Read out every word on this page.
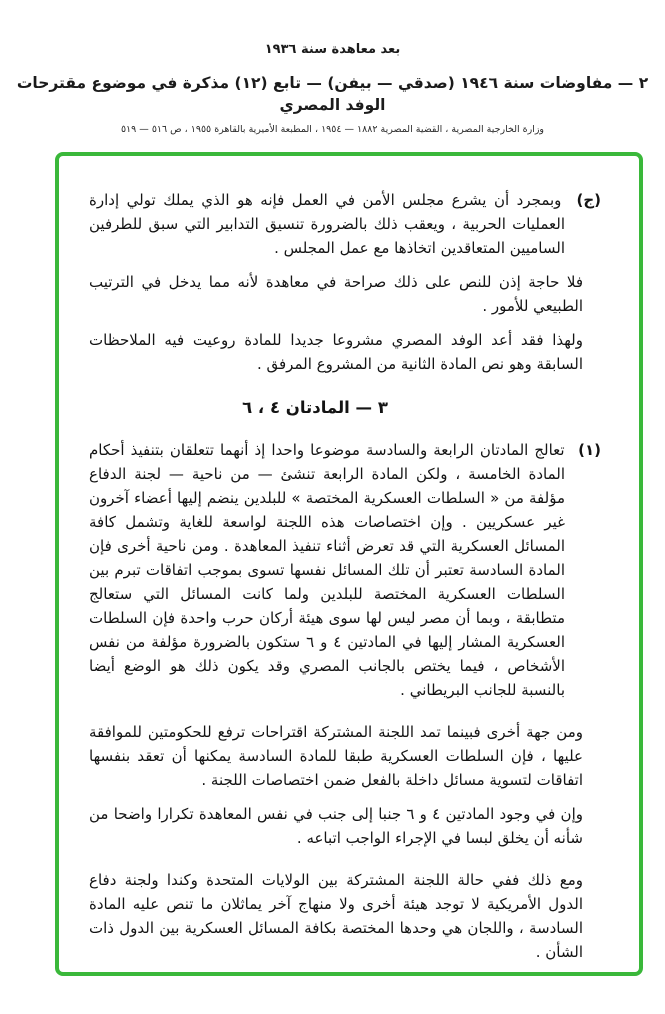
بعد معاهدة سنة ١٩٣٦
٢ — مفاوضات سنة ١٩٤٦ (صدقي — بيفن) — تابع (١٢) مذكرة في موضوع مقترحات الوفد المصري
وزارة الخارجية المصرية ، القضية المصرية ١٨٨٢ — ١٩٥٤ ، المطبعة الأميرية بالقاهرة ١٩٥٥ ، ص ٥١٦ — ٥١٩

(ج) وبمجرد أن يشرع مجلس الأمن في العمل فإنه هو الذي يملك تولي إدارة العمليات الحربية ، ويعقب ذلك بالضرورة تنسيق التدابير التي سبق للطرفين الساميين المتعاقدين اتخاذها مع عمل المجلس .

فلا حاجة إذن للنص على ذلك صراحة في معاهدة لأنه مما يدخل في الترتيب الطبيعي للأمور .

ولهذا فقد أعد الوفد المصري مشروعا جديدا للمادة روعيت فيه الملاحظات السابقة وهو نص المادة الثانية من المشروع المرفق .

٣ — المادتان ٤ ، ٦

(١) تعالج المادتان الرابعة والسادسة موضوعا واحدا إذ أنهما تتعلقان بتنفيذ أحكام المادة الخامسة ، ولكن المادة الرابعة تنشئ — من ناحية — لجنة الدفاع مؤلفة من « السلطات العسكرية المختصة » للبلدين ينضم إليها أعضاء آخرون غير عسكريين . وإن اختصاصات هذه اللجنة لواسعة للغاية وتشمل كافة المسائل العسكرية التي قد تعرض أثناء تنفيذ المعاهدة . ومن ناحية أخرى فإن المادة السادسة تعتبر أن تلك المسائل نفسها تسوى بموجب اتفاقات تبرم بين السلطات العسكرية المختصة للبلدين ولما كانت المسائل التي ستعالج متطابقة ، وبما أن مصر ليس لها سوى هيئة أركان حرب واحدة فإن السلطات العسكرية المشار إليها في المادتين ٤ و ٦ ستكون بالضرورة مؤلفة من نفس الأشخاص ، فيما يختص بالجانب المصري وقد يكون ذلك هو الوضع أيضا بالنسبة للجانب البريطاني .

ومن جهة أخرى فبينما تمد اللجنة المشتركة اقتراحات ترفع للحكومتين للموافقة عليها ، فإن السلطات العسكرية طبقا للمادة السادسة يمكنها أن تعقد بنفسها اتفاقات لتسوية مسائل داخلة بالفعل ضمن اختصاصات اللجنة .

وإن في وجود المادتين ٤ و ٦ جنبا إلى جنب في نفس المعاهدة تكرارا واضحا من شأنه أن يخلق لبسا في الإجراء الواجب اتباعه .

ومع ذلك ففي حالة اللجنة المشتركة بين الولايات المتحدة وكندا ولجنة دفاع الدول الأمريكية لا توجد هيئة أخرى ولا منهاج آخر يماثلان ما تنص عليه المادة السادسة ، واللجان هي وحدها المختصة بكافة المسائل العسكرية بين الدول ذات الشأن .
